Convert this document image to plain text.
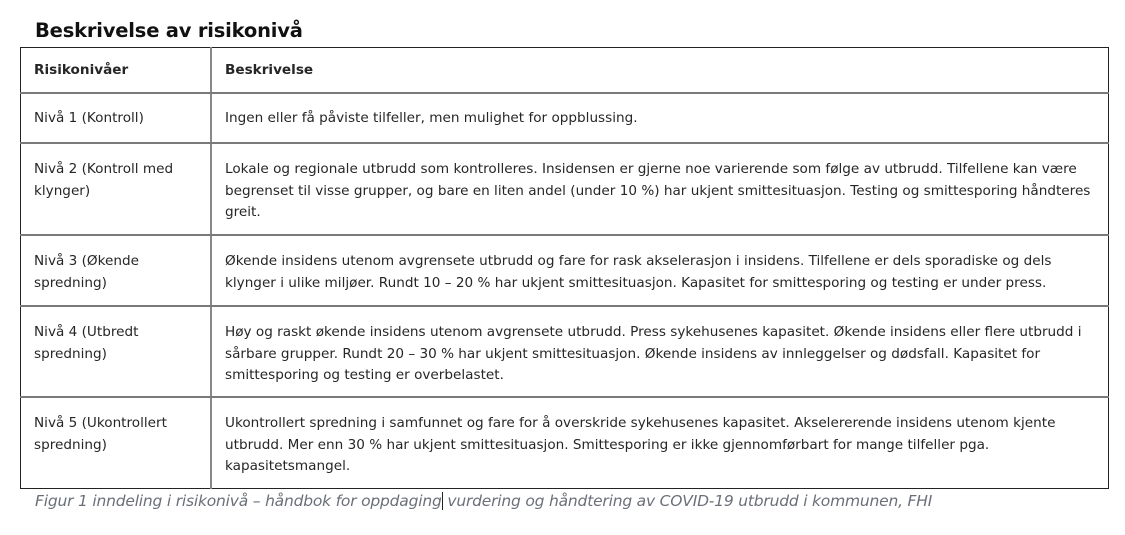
Beskrivelse av risikonivå
Risikonivåer	Beskrivelse

Nivå 1 (Kontroll)	Ingen eller få påviste tilfeller, men mulighet for oppblussing.

Nivå 2 (Kontroll med klynger)	Lokale og regionale utbrudd som kontrolleres. Insidensen er gjerne noe varierende som følge av utbrudd. Tilfellene kan være begrenset til visse grupper, og bare en liten andel (under 10 %) har ukjent smittesituasjon. Testing og smittesporing håndteres greit.

Nivå 3 (Økende spredning)	Økende insidens utenom avgrensete utbrudd og fare for rask akselerasjon i insidens. Tilfellene er dels sporadiske og dels klynger i ulike miljøer. Rundt 10 – 20 % har ukjent smittesituasjon. Kapasitet for smittesporing og testing er under press.

Nivå 4 (Utbredt spredning)	Høy og raskt økende insidens utenom avgrensete utbrudd. Press sykehusenes kapasitet. Økende insidens eller flere utbrudd i sårbare grupper. Rundt 20 – 30 % har ukjent smittesituasjon. Økende insidens av innleggelser og dødsfall. Kapasitet for smittesporing og testing er overbelastet.

Nivå 5 (Ukontrollert spredning)	Ukontrollert spredning i samfunnet og fare for å overskride sykehusenes kapasitet. Akselererende insidens utenom kjente utbrudd. Mer enn 30 % har ukjent smittesituasjon. Smittesporing er ikke gjennomførbart for mange tilfeller pga. kapasitetsmangel.
Figur 1 inndeling i risikonivå – håndbok for oppdaging vurdering og håndtering av COVID-19 utbrudd i kommunen, FHI
